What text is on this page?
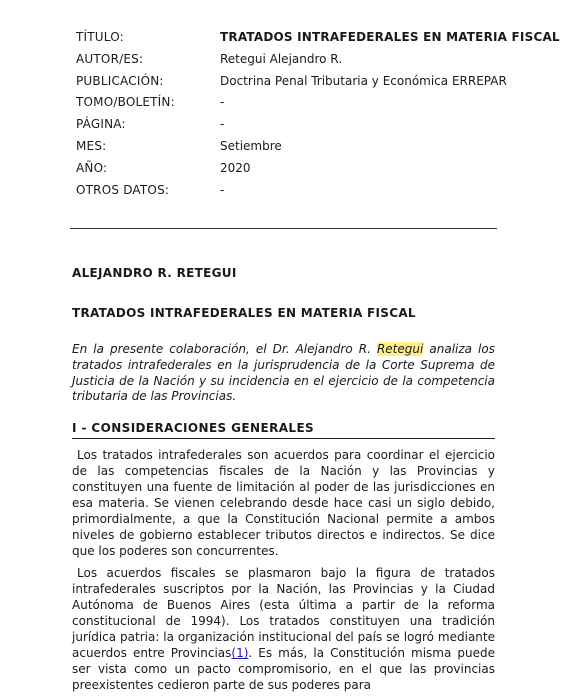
TÍTULO:	TRATADOS INTRAFEDERALES EN MATERIA FISCAL
AUTOR/ES:	Retegui Alejandro R.
PUBLICACIÓN:	Doctrina Penal Tributaria y Económica ERREPAR
TOMO/BOLETÍN:	-
PÁGINA:	-
MES:	Setiembre
AÑO:	2020
OTROS DATOS:	-

ALEJANDRO R. RETEGUI

TRATADOS INTRAFEDERALES EN MATERIA FISCAL

En la presente colaboración, el Dr. Alejandro R. Retegui analiza los tratados intrafederales en la jurisprudencia de la Corte Suprema de Justicia de la Nación y su incidencia en el ejercicio de la competencia tributaria de las Provincias.

I - CONSIDERACIONES GENERALES

Los tratados intrafederales son acuerdos para coordinar el ejercicio de las competencias fiscales de la Nación y las Provincias y constituyen una fuente de limitación al poder de las jurisdicciones en esa materia. Se vienen celebrando desde hace casi un siglo debido, primordialmente, a que la Constitución Nacional permite a ambos niveles de gobierno establecer tributos directos e indirectos. Se dice que los poderes son concurrentes.

Los acuerdos fiscales se plasmaron bajo la figura de tratados intrafederales suscriptos por la Nación, las Provincias y la Ciudad Autónoma de Buenos Aires (esta última a partir de la reforma constitucional de 1994). Los tratados constituyen una tradición jurídica patria: la organización institucional del país se logró mediante acuerdos entre Provincias(1). Es más, la Constitución misma puede ser vista como un pacto compromisorio, en el que las provincias preexistentes cedieron parte de sus poderes para
